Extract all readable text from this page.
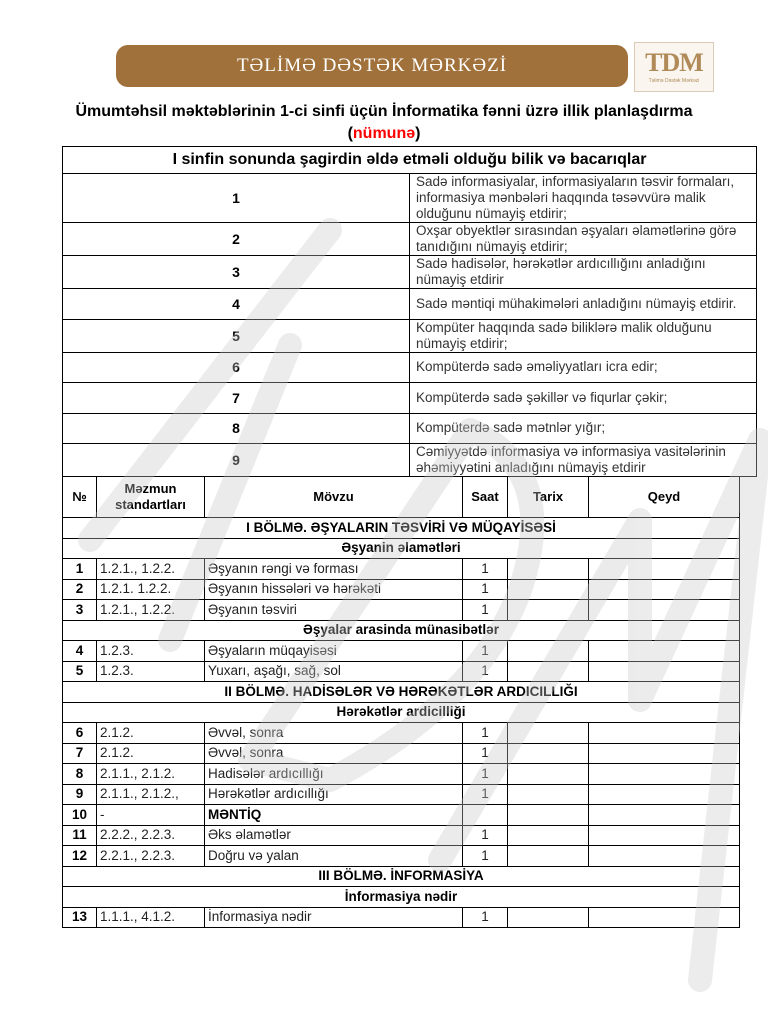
TƏLİMƏ DƏSTƏK MƏRKƏZİ	TDM
Təlimə Dəstək Mərkəzi
Ümumtəhsil məktəblərinin 1-ci sinfi üçün İnformatika fənni üzrə illik planlaşdırma
(nümunə)
I sinfin sonunda şagirdin əldə etməli olduğu bilik və bacarıqlar	
1	Sadə informasiyalar, informasiyaların təsvir formaları, informasiya mənbələri haqqında təsəvvürə malik olduğunu nümayiş etdirir;
2	Oxşar obyektlər sırasından əşyaları əlamətlərinə görə tanıdığını nümayiş etdirir;
3	Sadə hadisələr, hərəkətlər ardıcıllığını anladığını nümayiş etdirir
4	Sadə məntiqi mühakimələri anladığını nümayiş etdirir.
5	Kompüter haqqında sadə biliklərə malik olduğunu nümayiş etdirir;
6	Kompüterdə sadə əməliyyatları icra edir;
7	Kompüterdə sadə şəkillər və fiqurlar çəkir;
8	Kompüterdə sadə mətnlər yığır;
9	Cəmiyyətdə informasiya və informasiya vasitələrinin əhəmiyyətini anladığını nümayiş etdirir
№	Məzmun standartları	Mövzu	Saat	Tarix	Qeyd
I BÖLMƏ. ƏŞYALARIN TƏSVİRİ VƏ MÜQAYİSƏSİ					
Əşyanin əlamətləri					
1	1.2.1., 1.2.2.	Əşyanın rəngi və forması	1		
2	1.2.1. 1.2.2.	Əşyanın hissələri və hərəkəti	1		
3	1.2.1., 1.2.2.	Əşyanın təsviri	1		
Əşyalar arasinda münasibətlər					
4	1.2.3.	Əşyaların müqayisəsi	1		
5	1.2.3.	Yuxarı, aşağı, sağ, sol	1		
II BÖLMƏ. HADİSƏLƏR VƏ HƏRƏKƏTLƏR ARDICILLIĞI					
Hərəkətlər ardicilliği					
6	2.1.2.	Əvvəl, sonra	1		
7	2.1.2.	Əvvəl, sonra	1		
8	2.1.1., 2.1.2.	Hadisələr ardıcıllığı	1		
9	2.1.1., 2.1.2.,	Hərəkətlər ardıcıllığı	1		
10	-	MƏNTİQ			
11	2.2.2., 2.2.3.	Əks əlamətlər	1		
12	2.2.1., 2.2.3.	Doğru və yalan	1		
III BÖLMƏ. İNFORMASİYA					
İnformasiya nədir					
13	1.1.1., 4.1.2.	İnformasiya nədir	1		
